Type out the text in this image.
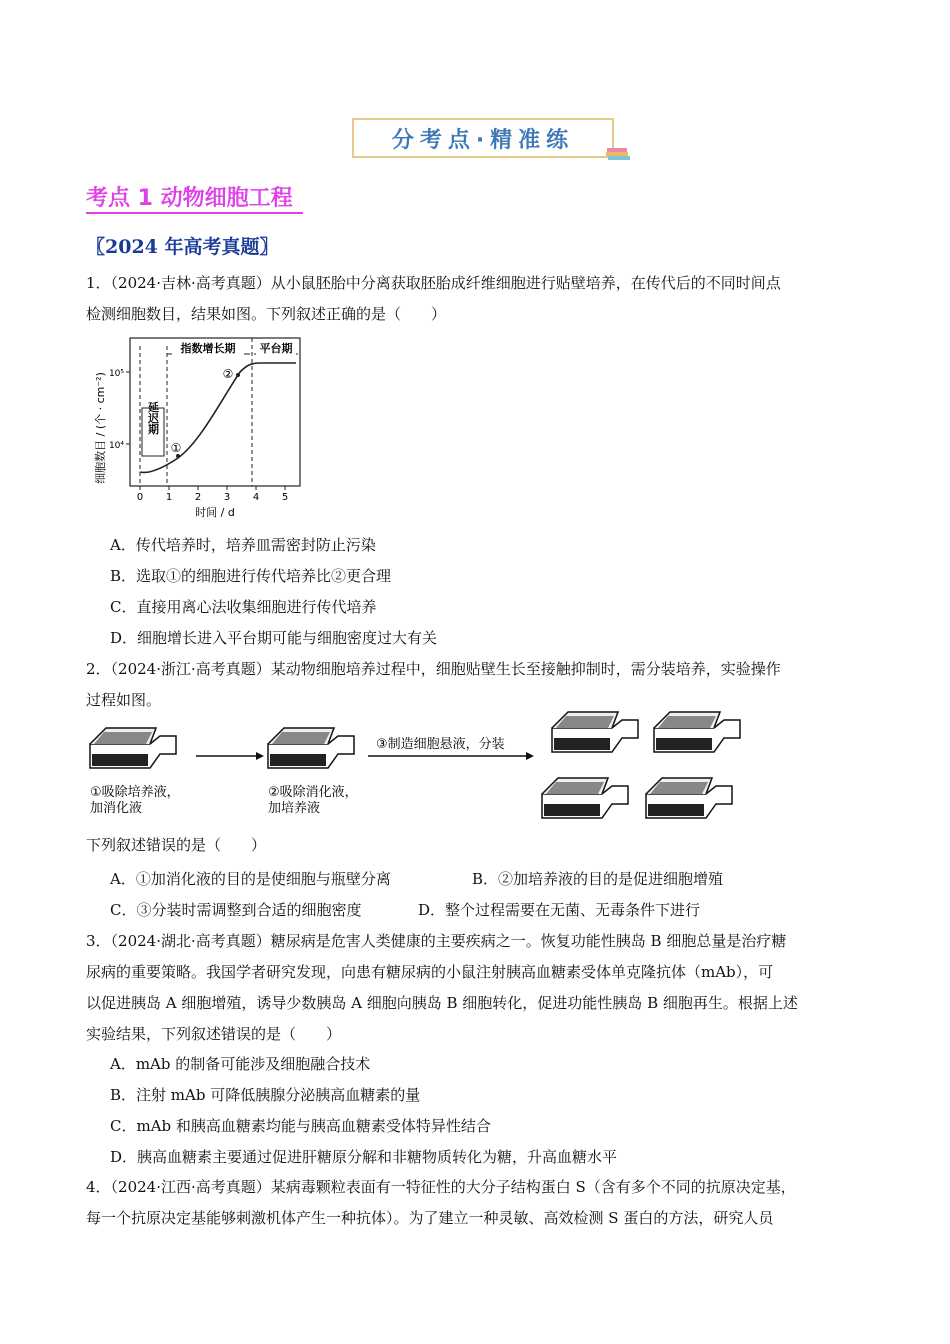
分考点·精准练
考点 1 动物细胞工程
〖2024 年高考真题〗
1．（2024·吉林·高考真题）从小鼠胚胎中分离获取胚胎成纤维细胞进行贴壁培养，在传代后的不同时间点
检测细胞数目，结果如图。下列叙述正确的是（　　）
细胞数目 / (个 · cm⁻²) 10⁵
10⁴
0 1 2 3 4 5
时间 / d
指数增长期 平台期
延迟期
①
②
A．传代培养时，培养皿需密封防止污染
B．选取①的细胞进行传代培养比②更合理
C．直接用离心法收集细胞进行传代培养
D．细胞增长进入平台期可能与细胞密度过大有关
2．（2024·浙江·高考真题）某动物细胞培养过程中，细胞贴壁生长至接触抑制时，需分装培养，实验操作
过程如图。
③制造细胞悬液，分装
①吸除培养液，
加消化液
②吸除消化液，
加培养液
下列叙述错误的是（　　）
A．①加消化液的目的是使细胞与瓶壁分离	B．②加培养液的目的是促进细胞增殖
C．③分装时需调整到合适的细胞密度	D．整个过程需要在无菌、无毒条件下进行
3．（2024·湖北·高考真题）糖尿病是危害人类健康的主要疾病之一。恢复功能性胰岛 B 细胞总量是治疗糖
尿病的重要策略。我国学者研究发现，向患有糖尿病的小鼠注射胰高血糖素受体单克隆抗体（mAb），可
以促进胰岛 A 细胞增殖，诱导少数胰岛 A 细胞向胰岛 B 细胞转化，促进功能性胰岛 B 细胞再生。根据上述
实验结果，下列叙述错误的是（　　）
A．mAb 的制备可能涉及细胞融合技术
B．注射 mAb 可降低胰腺分泌胰高血糖素的量
C．mAb 和胰高血糖素均能与胰高血糖素受体特异性结合
D．胰高血糖素主要通过促进肝糖原分解和非糖物质转化为糖，升高血糖水平
4．（2024·江西·高考真题）某病毒颗粒表面有一特征性的大分子结构蛋白 S（含有多个不同的抗原决定基，
每一个抗原决定基能够刺激机体产生一种抗体）。为了建立一种灵敏、高效检测 S 蛋白的方法，研究人员
